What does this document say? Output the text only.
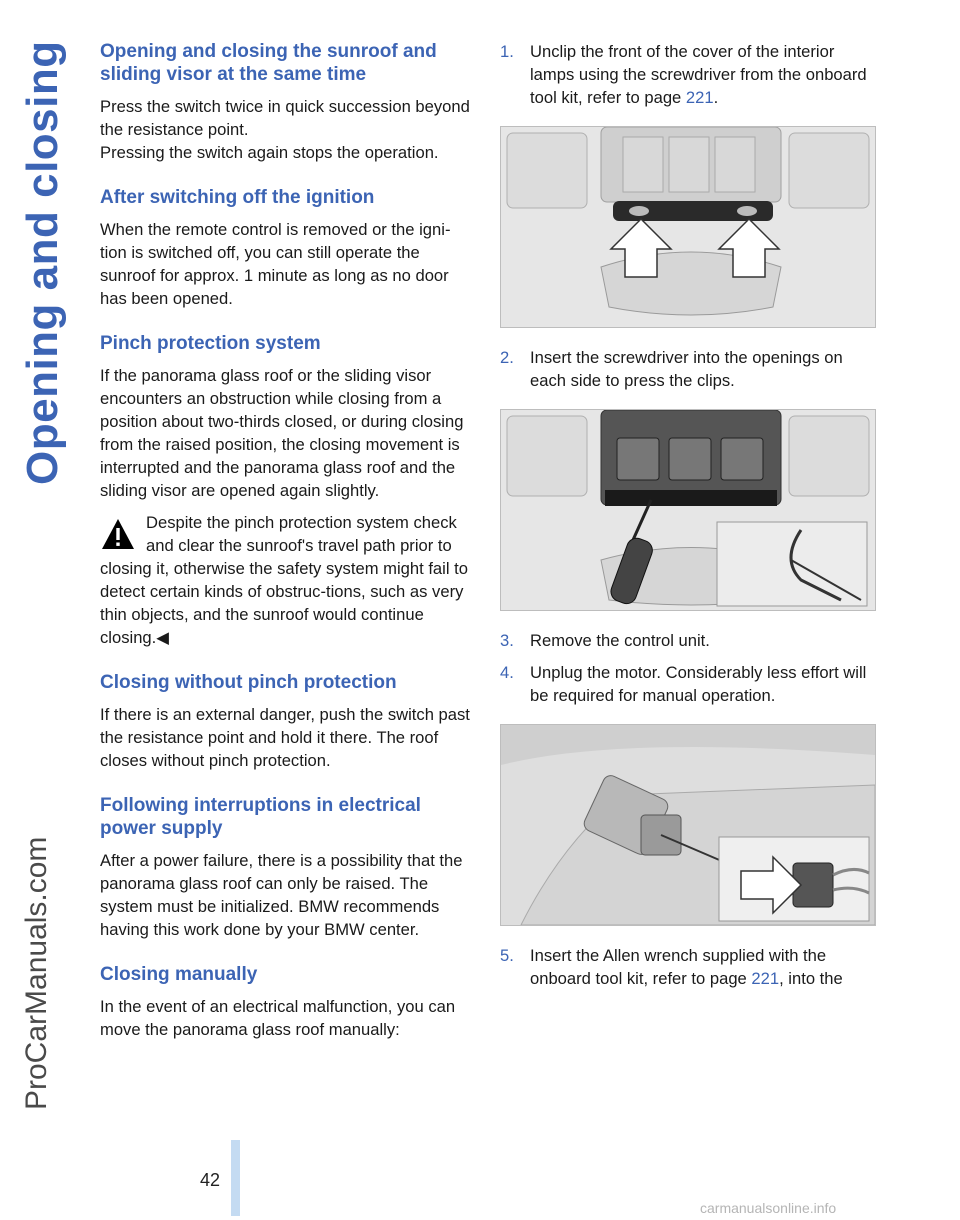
Opening and closing
ProCarManuals.com
Opening and closing the sunroof and sliding visor at the same time

Press the switch twice in quick succession beyond the resistance point.

Pressing the switch again stops the operation.

After switching off the ignition

When the remote control is removed or the igni-tion is switched off, you can still operate the sunroof for approx. 1 minute as long as no door has been opened.

Pinch protection system

If the panorama glass roof or the sliding visor encounters an obstruction while closing from a position about two-thirds closed, or during closing from the raised position, the closing movement is interrupted and the panorama glass roof and the sliding visor are opened again slightly.

Despite the pinch protection system check and clear the sunroof's travel path prior to closing it, otherwise the safety system might fail to detect certain kinds of obstruc-tions, such as very thin objects, and the sunroof would continue closing.◀
Closing without pinch protection

If there is an external danger, push the switch past the resistance point and hold it there. The roof closes without pinch protection.

Following interruptions in electrical power supply

After a power failure, there is a possibility that the panorama glass roof can only be raised. The system must be initialized. BMW recommends having this work done by your BMW center.

Closing manually

In the event of an electrical malfunction, you can move the panorama glass roof manually:

1. Unclip the front of the cover of the interior lamps using the screwdriver from the onboard tool kit, refer to page 221.
2. Insert the screwdriver into the openings on each side to press the clips.
3. Remove the control unit.
4. Unplug the motor. Considerably less effort will be required for manual operation.
5. Insert the Allen wrench supplied with the onboard tool kit, refer to page 221, into the
42
carmanualsonline.info
